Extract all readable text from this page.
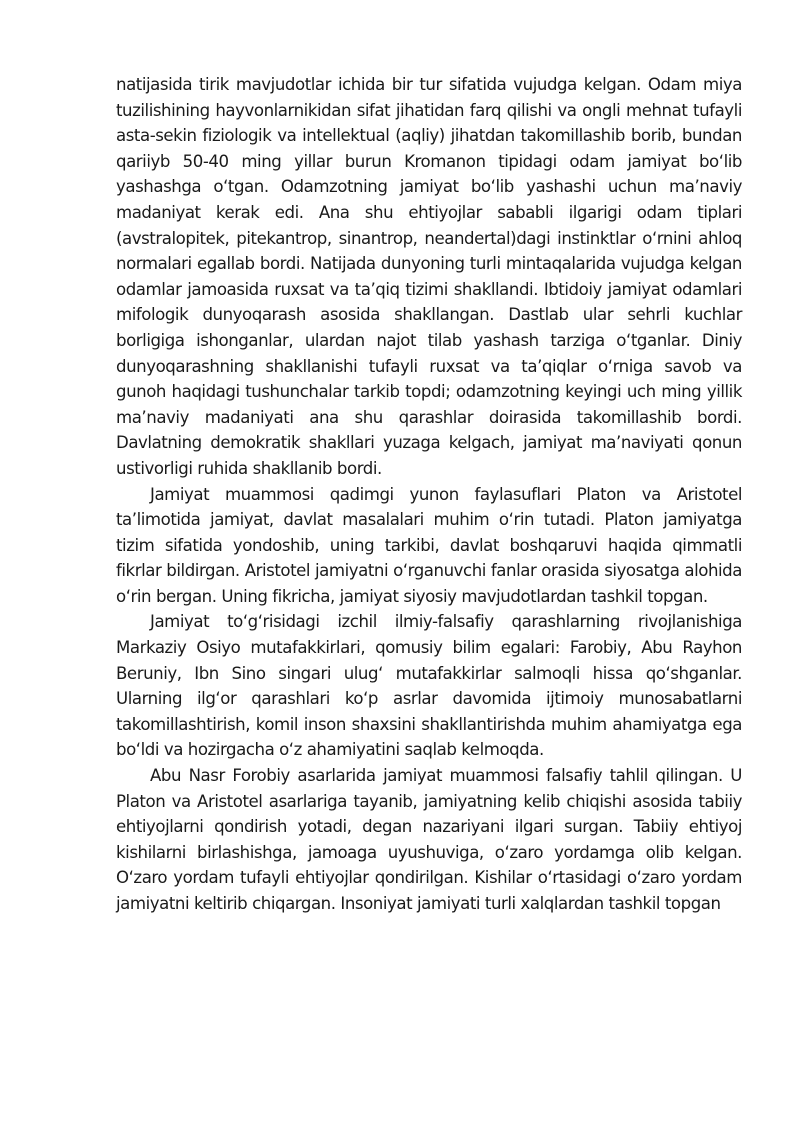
natijasida tirik mavjudotlar ichida bir tur sifatida vujudga kelgan. Odam miya tuzilishining hayvonlarnikidan sifat jihatidan farq qilishi va ongli mehnat tufayli asta-sekin fiziologik va intellektual (aqliy) jihatdan takomillashib borib, bundan qariiyb 50-40 ming yillar burun Kromanon tipidagi odam jamiyat bo‘lib yashashga o‘tgan. Odamzotning jamiyat bo‘lib yashashi uchun ma’naviy madaniyat kerak edi. Ana shu ehtiyojlar sababli ilgarigi odam tiplari (avstralopitek, pitekantrop, sinantrop, neandertal)dagi instinktlar o‘rnini ahloq normalari egallab bordi. Natijada dunyoning turli mintaqalarida vujudga kelgan odamlar jamoasida ruxsat va ta’qiq tizimi shakllandi. Ibtidoiy jamiyat odamlari mifologik dunyoqarash asosida shakllangan. Dastlab ular sehrli kuchlar borligiga ishonganlar, ulardan najot tilab yashash tarziga o‘tganlar. Diniy dunyoqarashning shakllanishi tufayli ruxsat va ta’qiqlar o‘rniga savob va gunoh haqidagi tushunchalar tarkib topdi; odamzotning keyingi uch ming yillik ma’naviy madaniyati ana shu qarashlar doirasida takomillashib bordi. Davlatning demokratik shakllari yuzaga kelgach, jamiyat ma’naviyati qonun ustivorligi ruhida shakllanib bordi.

Jamiyat muammosi qadimgi yunon faylasuflari Platon va Aristotel ta’limotida jamiyat, davlat masalalari muhim o‘rin tutadi. Platon jamiyatga tizim sifatida yondoshib, uning tarkibi, davlat boshqaruvi haqida qimmatli fikrlar bildirgan. Aristotel jamiyatni o‘rganuvchi fanlar orasida siyosatga alohida o‘rin bergan. Uning fikricha, jamiyat siyosiy mavjudotlardan tashkil topgan.

Jamiyat to‘g‘risidagi izchil ilmiy-falsafiy qarashlarning rivojlanishiga Markaziy Osiyo mutafakkirlari, qomusiy bilim egalari: Farobiy, Abu Rayhon Beruniy, Ibn Sino singari ulug‘ mutafakkirlar salmoqli hissa qo‘shganlar. Ularning ilg‘or qarashlari ko‘p asrlar davomida ijtimoiy munosabatlarni takomillashtirish, komil inson shaxsini shakllantirishda muhim ahamiyatga ega bo‘ldi va hozirgacha o‘z ahamiyatini saqlab kelmoqda.

Abu Nasr Forobiy asarlarida jamiyat muammosi falsafiy tahlil qilingan. U Platon va Aristotel asarlariga tayanib, jamiyatning kelib chiqishi asosida tabiiy ehtiyojlarni qondirish yotadi, degan nazariyani ilgari surgan. Tabiiy ehtiyoj kishilarni birlashishga, jamoaga uyushuviga, o‘zaro yordamga olib kelgan. O‘zaro yordam tufayli ehtiyojlar qondirilgan. Kishilar o‘rtasidagi o‘zaro yordam jamiyatni keltirib chiqargan. Insoniyat jamiyati turli xalqlardan tashkil topgan
